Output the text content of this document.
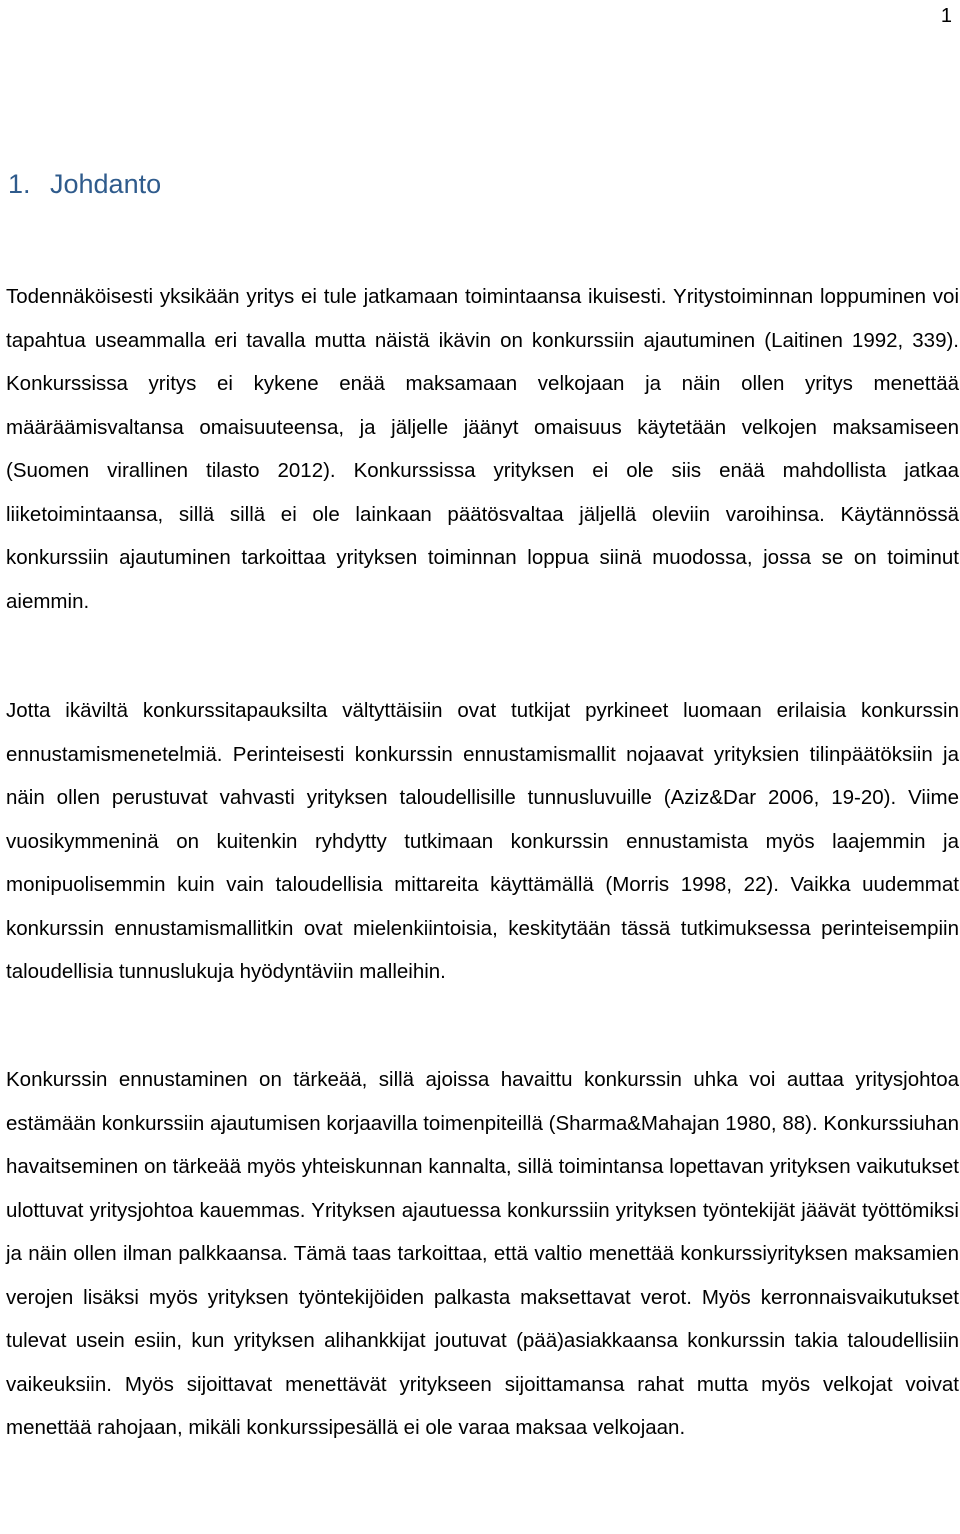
1
1. Johdanto

Todennäköisesti yksikään yritys ei tule jatkamaan toimintaansa ikuisesti. Yritystoiminnan loppuminen voi tapahtua useammalla eri tavalla mutta näistä ikävin on konkurssiin ajautuminen (Laitinen 1992, 339). Konkurssissa yritys ei kykene enää maksamaan velkojaan ja näin ollen yritys menettää määräämisvaltansa omaisuuteensa, ja jäljelle jäänyt omaisuus käytetään velkojen maksamiseen (Suomen virallinen tilasto 2012). Konkurssissa yrityksen ei ole siis enää mahdollista jatkaa liiketoimintaansa, sillä sillä ei ole lainkaan päätösvaltaa jäljellä oleviin varoihinsa. Käytännössä konkurssiin ajautuminen tarkoittaa yrityksen toiminnan loppua siinä muodossa, jossa se on toiminut aiemmin.

Jotta ikäviltä konkurssitapauksilta vältyttäisiin ovat tutkijat pyrkineet luomaan erilaisia konkurssin ennustamismenetelmiä. Perinteisesti konkurssin ennustamismallit nojaavat yrityksien tilinpäätöksiin ja näin ollen perustuvat vahvasti yrityksen taloudellisille tunnusluvuille (Aziz&Dar 2006, 19-20). Viime vuosikymmeninä on kuitenkin ryhdytty tutkimaan konkurssin ennustamista myös laajemmin ja monipuolisemmin kuin vain taloudellisia mittareita käyttämällä (Morris 1998, 22). Vaikka uudemmat konkurssin ennustamismallitkin ovat mielenkiintoisia, keskitytään tässä tutkimuksessa perinteisempiin taloudellisia tunnuslukuja hyödyntäviin malleihin.

Konkurssin ennustaminen on tärkeää, sillä ajoissa havaittu konkurssin uhka voi auttaa yritysjohtoa estämään konkurssiin ajautumisen korjaavilla toimenpiteillä (Sharma&Mahajan 1980, 88). Konkurssiuhan havaitseminen on tärkeää myös yhteiskunnan kannalta, sillä toimintansa lopettavan yrityksen vaikutukset ulottuvat yritysjohtoa kauemmas. Yrityksen ajautuessa konkurssiin yrityksen työntekijät jäävät työttömiksi ja näin ollen ilman palkkaansa. Tämä taas tarkoittaa, että valtio menettää konkurssiyrityksen maksamien verojen lisäksi myös yrityksen työntekijöiden palkasta maksettavat verot. Myös kerronnaisvaikutukset tulevat usein esiin, kun yrityksen alihankkijat joutuvat (pää)asiakkaansa konkurssin takia taloudellisiin vaikeuksiin. Myös sijoittavat menettävät yritykseen sijoittamansa rahat mutta myös velkojat voivat menettää rahojaan, mikäli konkurssipesällä ei ole varaa maksaa velkojaan.
